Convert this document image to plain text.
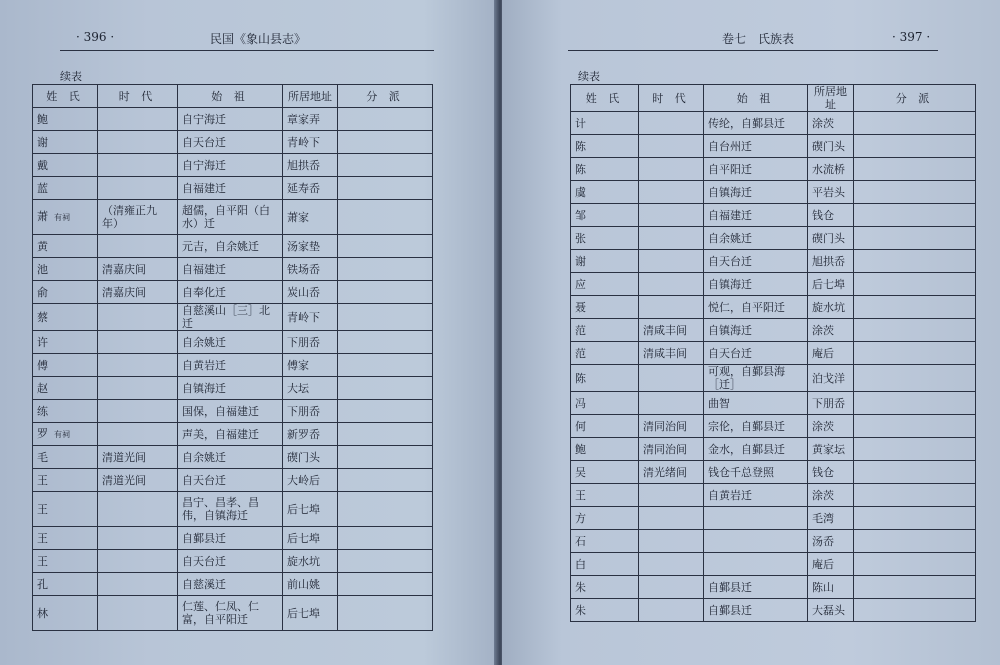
· 396 ·	民国《象山县志》
续表
姓 氏	时 代	始 祖	所居地址	分 派
鲍		自宁海迁	章家弄	
谢		自天台迁	青岭下	
戴		自宁海迁	旭拱岙	
蓝		自福建迁	延寿岙	
萧 有祠	（清雍正九年）	超儒，自平阳（白水）迁	萧家	
黄		元吉，自余姚迁	汤家垫	
池	清嘉庆间	自福建迁	铁场岙	
俞	清嘉庆间	自奉化迁	炭山岙	
蔡		自慈溪山［三］北迁	青岭下	
许		自余姚迁	下朋岙	
傅		自黄岩迁	傅家	
赵		自镇海迁	大坛	
练		国保，自福建迁	下朋岙	
罗 有祠		声美，自福建迁	新罗岙	
毛	清道光间	自余姚迁	碶门头	
王	清道光间	自天台迁	大岭后	
王		昌宁、昌孝、昌伟，自镇海迁	后七埠	
王		自鄞县迁	后七埠	
王		自天台迁	旋水坑	
孔		自慈溪迁	前山姚	
林		仁莲、仁凤、仁富，自平阳迁	后七埠	
卷七　氏族表	· 397 ·
续表
姓 氏	时 代	始 祖	所居地址	分 派
计		传纶，自鄞县迁	涂茨	
陈		自台州迁	碶门头	
陈		自平阳迁	水流桥	
虞		自镇海迁	平岩头	
邹		自福建迁	钱仓	
张		自余姚迁	碶门头	
谢		自天台迁	旭拱岙	
应		自镇海迁	后七埠	
聂		悦仁，自平阳迁	旋水坑	
范	清咸丰间	自镇海迁	涂茨	
范	清咸丰间	自天台迁	庵后	
陈		可观，自鄞县海［迁］	泊戈洋	
冯		曲智	下朋岙	
何	清同治间	宗伦，自鄞县迁	涂茨	
鲍	清同治间	金水，自鄞县迁	黄家坛	
吴	清光绪间	钱仓千总登照	钱仓	
王		自黄岩迁	涂茨	
方			毛湾	
石			汤岙	
白			庵后	
朱		自鄞县迁	陈山	
朱		自鄞县迁	大磊头	
